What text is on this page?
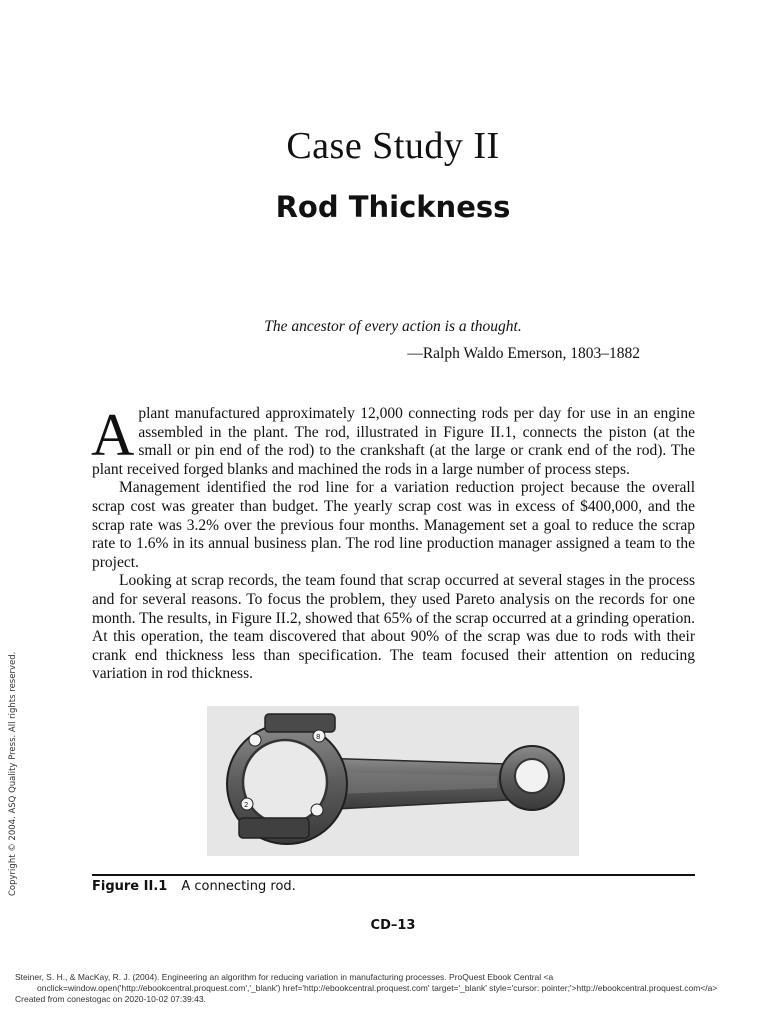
Case Study II
Rod Thickness
The ancestor of every action is a thought.
—Ralph Waldo Emerson, 1803–1882

Aplant manufactured approximately 12,000 connecting rods per day for use in an engine assembled in the plant. The rod, illustrated in Figure II.1, connects the piston (at the small or pin end of the rod) to the crankshaft (at the large or crank end of the rod). The plant received forged blanks and machined the rods in a large number of process steps.

Management identified the rod line for a variation reduction project because the overall scrap cost was greater than budget. The yearly scrap cost was in excess of $400,000, and the scrap rate was 3.2% over the previous four months. Management set a goal to reduce the scrap rate to 1.6% in its annual business plan. The rod line production manager assigned a team to the project.

Looking at scrap records, the team found that scrap occurred at several stages in the process and for several reasons. To focus the problem, they used Pareto analysis on the records for one month. The results, in Figure II.2, showed that 65% of the scrap occurred at a grinding operation. At this operation, the team discovered that about 90% of the scrap was due to rods with their crank end thickness less than specification. The team focused their attention on reducing variation in rod thickness.

2
8
Figure II.1 A connecting rod.
CD–13
Copyright © 2004. ASQ Quality Press. All rights reserved.
Steiner, S. H., & MacKay, R. J. (2004). Engineering an algorithm for reducing variation in manufacturing processes. ProQuest Ebook Central <a
onclick=window.open('http://ebookcentral.proquest.com','_blank') href='http://ebookcentral.proquest.com' target='_blank' style='cursor: pointer;'>http://ebookcentral.proquest.com</a>
Created from conestogac on 2020-10-02 07:39:43.
